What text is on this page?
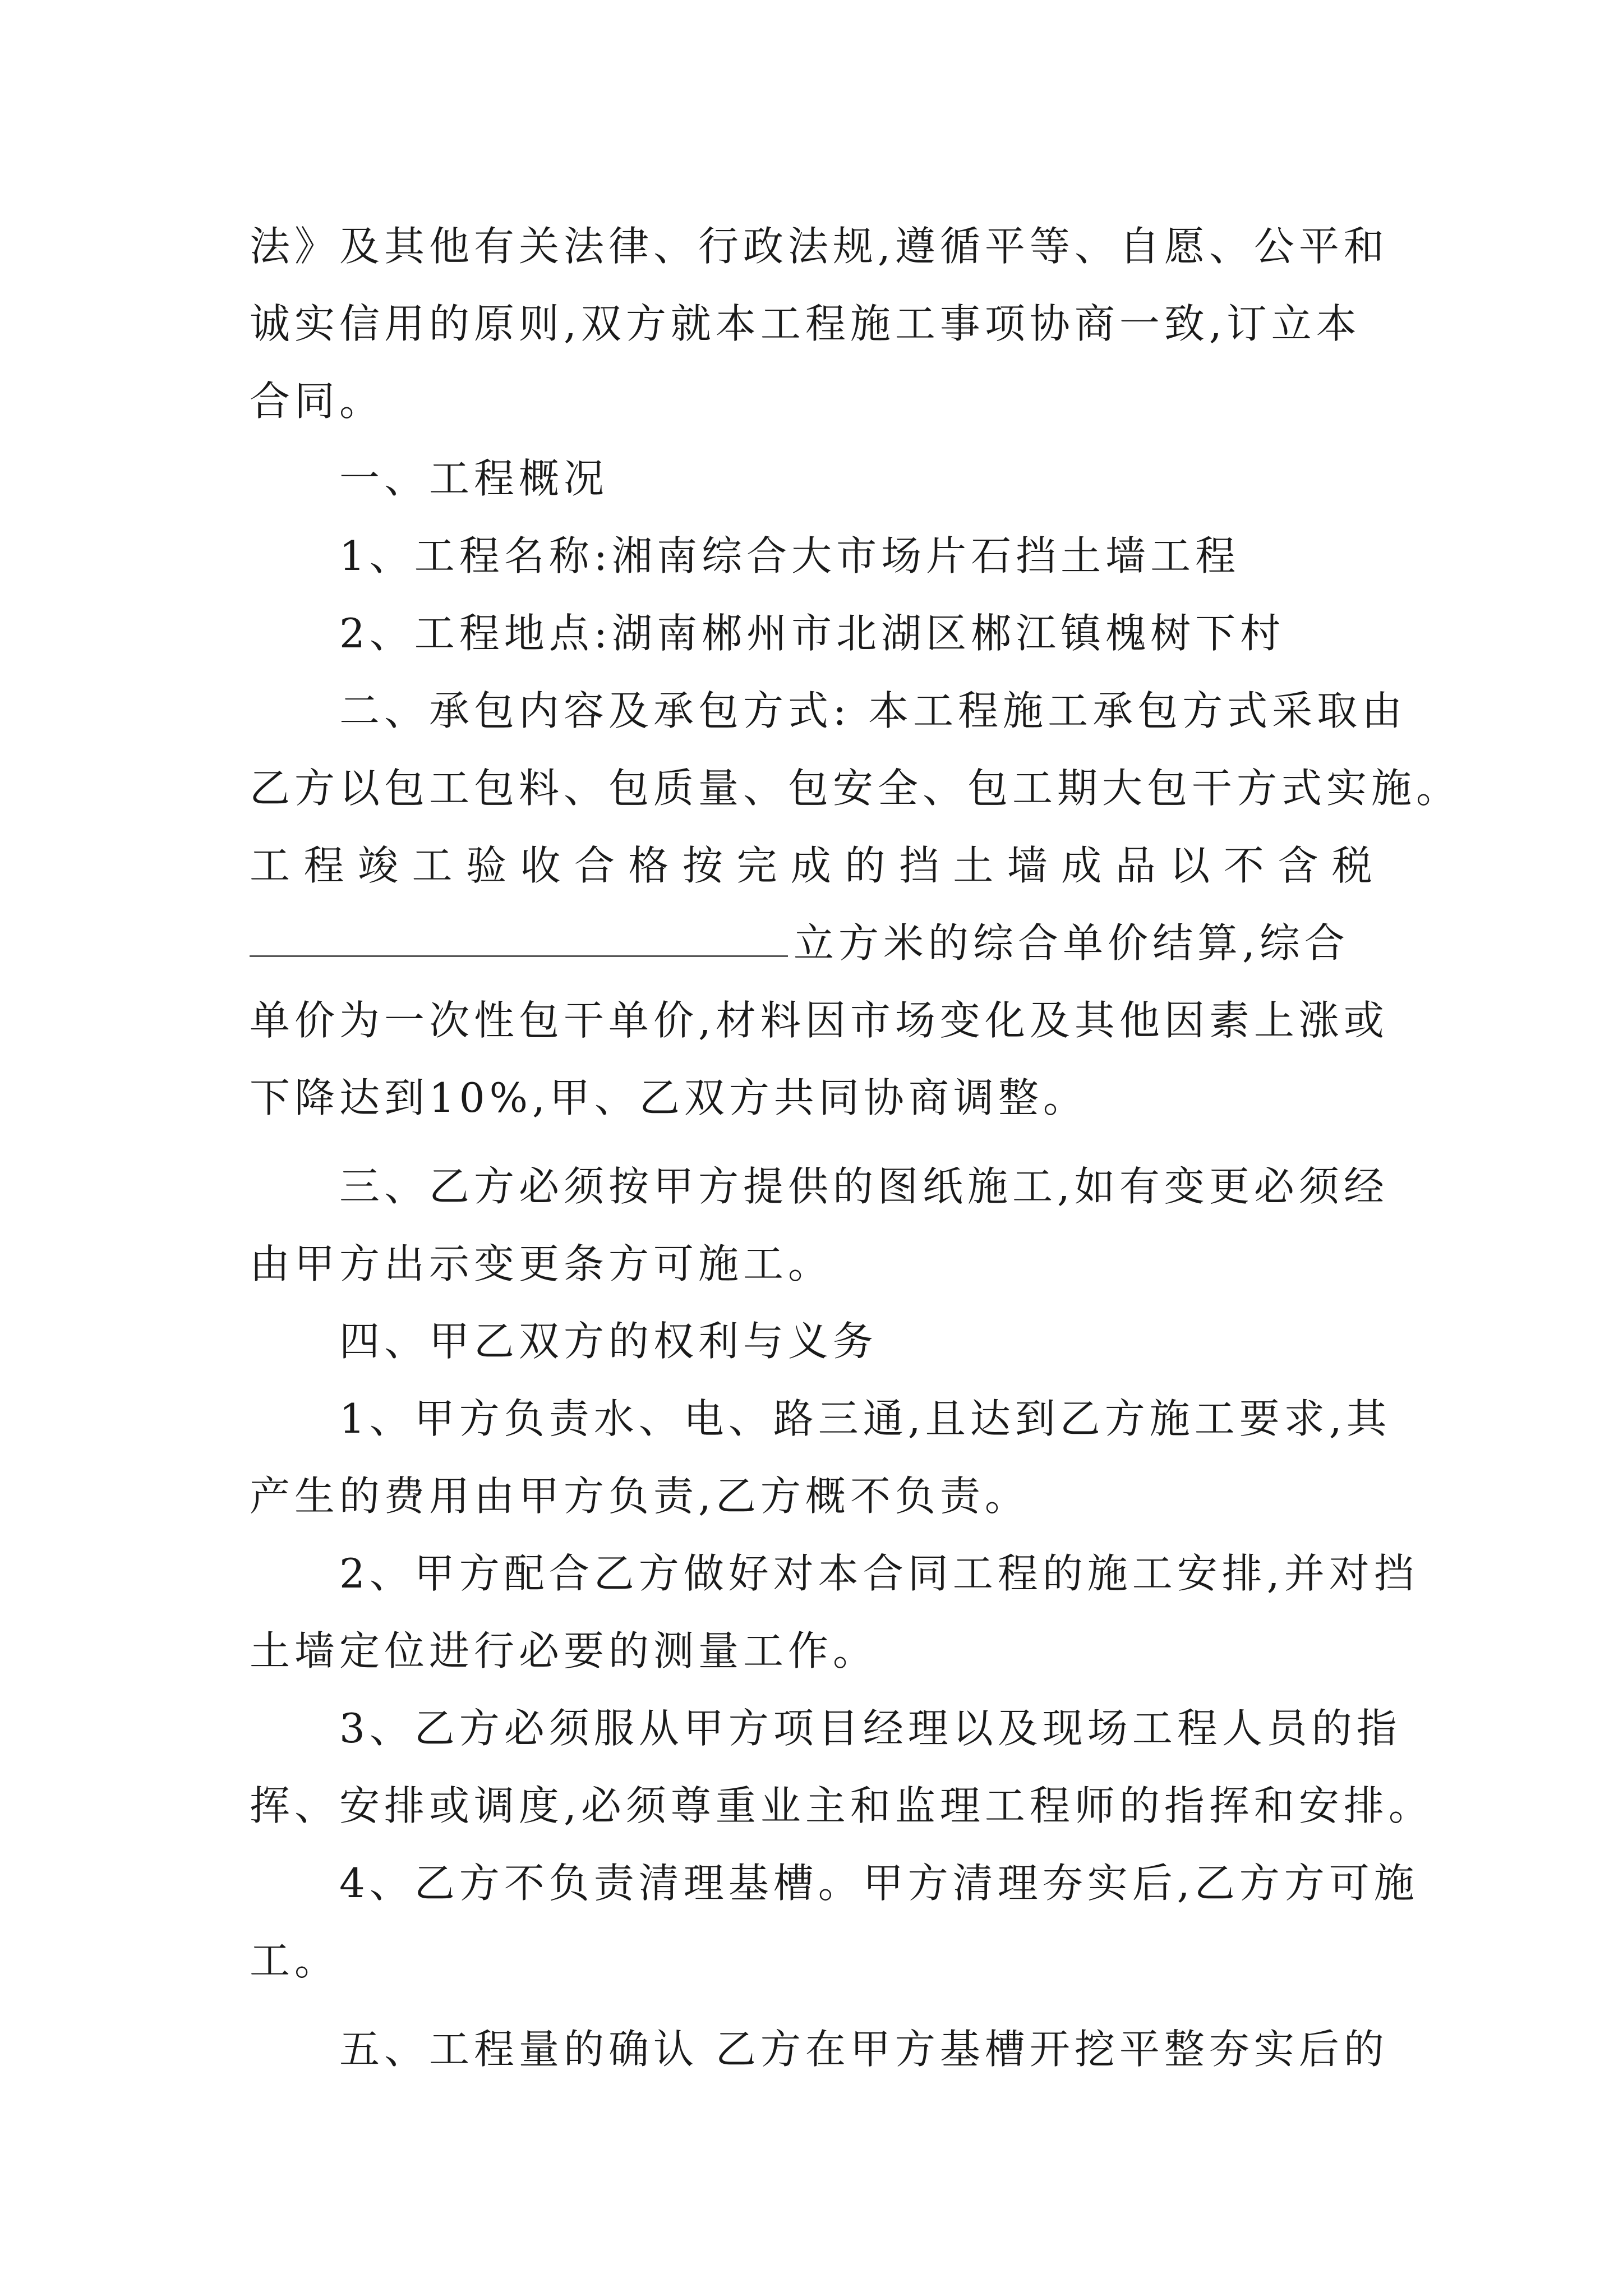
法》及其他有关法律、行政法规,遵循平等、自愿、公平和
诚实信用的原则,双方就本工程施工事项协商一致,订立本
合同。
一、工程概况
1、工程名称:湘南综合大市场片石挡土墙工程
2、工程地点:湖南郴州市北湖区郴江镇槐树下村
二、承包内容及承包方式: 本工程施工承包方式采取由
乙方以包工包料、包质量、包安全、包工期大包干方式实施。
工 程 竣 工 验 收 合 格 按 完 成 的 挡 土 墙 成 品 以 不 含 税
立方米的综合单价结算,综合
单价为一次性包干单价,材料因市场变化及其他因素上涨或
下降达到10%,甲、乙双方共同协商调整。
三、乙方必须按甲方提供的图纸施工,如有变更必须经
由甲方出示变更条方可施工。
四、甲乙双方的权利与义务
1、甲方负责水、电、路三通,且达到乙方施工要求,其
产生的费用由甲方负责,乙方概不负责。
2、甲方配合乙方做好对本合同工程的施工安排,并对挡
土墙定位进行必要的测量工作。
3、乙方必须服从甲方项目经理以及现场工程人员的指
挥、安排或调度,必须尊重业主和监理工程师的指挥和安排。
4、乙方不负责清理基槽。甲方清理夯实后,乙方方可施
工。
五、工程量的确认 乙方在甲方基槽开挖平整夯实后的
